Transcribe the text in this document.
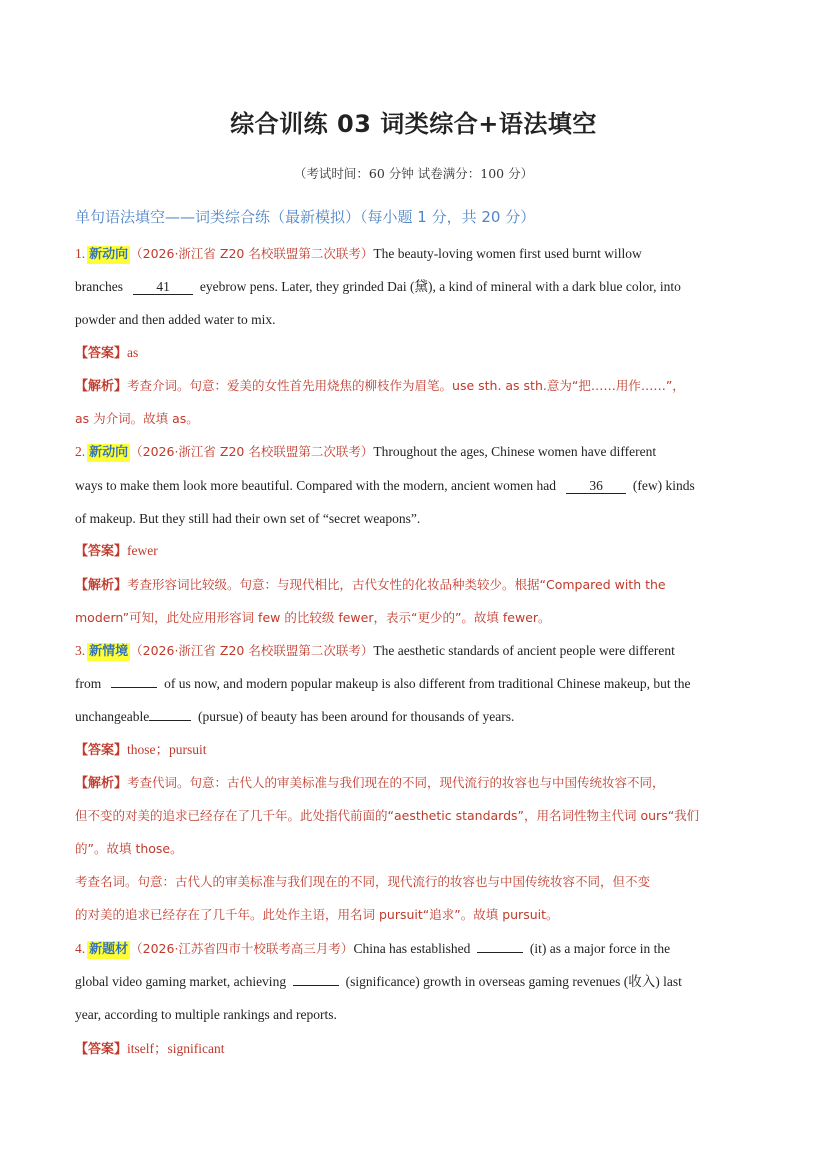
综合训练 03 词类综合+语法填空
（考试时间：60 分钟 试卷满分：100 分）
单句语法填空——词类综合练（最新模拟）（每小题 1 分，共 20 分）
1. 新动向 （2026·浙江省 Z20 名校联盟第二次联考）The beauty-loving women first used burnt willow
branches 41 eyebrow pens. Later, they grinded Dai (黛), a kind of mineral with a dark blue color, into
powder and then added water to mix.
【答案】as
【解析】考查介词。句意：爱美的女性首先用烧焦的柳枝作为眉笔。use sth. as sth.意为“把……用作……”，
as 为介词。故填 as。
2. 新动向 （2026·浙江省 Z20 名校联盟第二次联考）Throughout the ages, Chinese women have different
ways to make them look more beautiful. Compared with the modern, ancient women had 36 (few) kinds
of makeup. But they still had their own set of “secret weapons”.
【答案】fewer
【解析】考查形容词比较级。句意：与现代相比，古代女性的化妆品种类较少。根据“Compared with the
modern”可知，此处应用形容词 few 的比较级 fewer，表示“更少的”。故填 fewer。
3. 新情境 （2026·浙江省 Z20 名校联盟第二次联考）The aesthetic standards of ancient people were different
from	of us now, and modern popular makeup is also different from traditional Chinese makeup, but the
unchangeable	(pursue) of beauty has been around for thousands of years.
【答案】those；pursuit
【解析】考查代词。句意：古代人的审美标准与我们现在的不同，现代流行的妆容也与中国传统妆容不同，
但不变的对美的追求已经存在了几千年。此处指代前面的“aesthetic standards”，用名词性物主代词 ours“我们
的”。故填 those。
考查名词。句意：古代人的审美标准与我们现在的不同，现代流行的妆容也与中国传统妆容不同，但不变
的对美的追求已经存在了几千年。此处作主语，用名词 pursuit“追求”。故填 pursuit。
4. 新题材 （2026·江苏省四市十校联考高三月考）China has established	(it) as a major force in the
global video gaming market, achieving	(significance) growth in overseas gaming revenues (收入) last
year, according to multiple rankings and reports.
【答案】itself；significant
